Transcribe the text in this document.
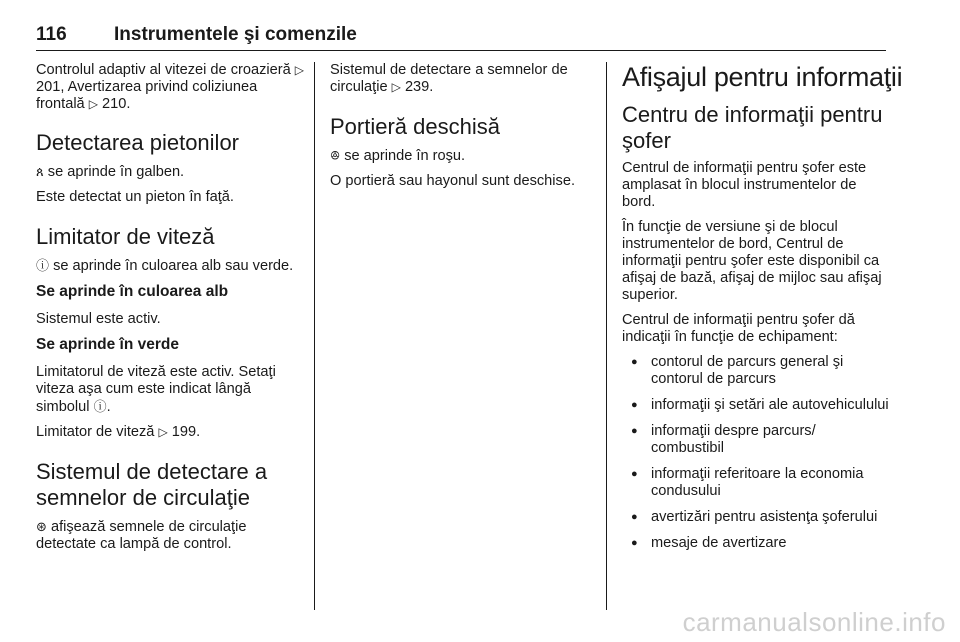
116 Instrumentele şi comenzile

Controlul adaptiv al vitezei de croazieră ▷ 201, Avertizarea privind coliziunea frontală ▷ 210.

Detectarea pietonilor

ጰ se aprinde în galben.

Este detectat un pieton în faţă.

Limitator de viteză

ⓘ se aprinde în culoarea alb sau verde.

Se aprinde în culoarea alb

Sistemul este activ.

Se aprinde în verde

Limitatorul de viteză este activ. Setaţi viteza aşa cum este indicat lângă simbolul ⓘ.

Limitator de viteză ▷ 199.

Sistemul de detectare a semnelor de circulaţie

⊛ afişează semnele de circulaţie detectate ca lampă de control.

Sistemul de detectare a semnelor de circulaţie ▷ 239.

Portieră deschisă

ꔮ se aprinde în roşu.

O portieră sau hayonul sunt deschise.

Afişajul pentru informaţii
Centru de informaţii pentru şofer

Centrul de informaţii pentru şofer este amplasat în blocul instrumentelor de bord.

În funcţie de versiune şi de blocul instrumentelor de bord, Centrul de informaţii pentru şofer este disponibil ca afişaj de bază, afişaj de mijloc sau afişaj superior.

Centrul de informaţii pentru şofer dă indicaţii în funcţie de echipament:

● contorul de parcurs general şi contorul de parcurs
● informaţii şi setări ale autovehiculului
● informaţii despre parcurs/ combustibil
● informaţii referitoare la economia condusului
● avertizări pentru asistenţa şoferului
● mesaje de avertizare
carmanualsonline.info
